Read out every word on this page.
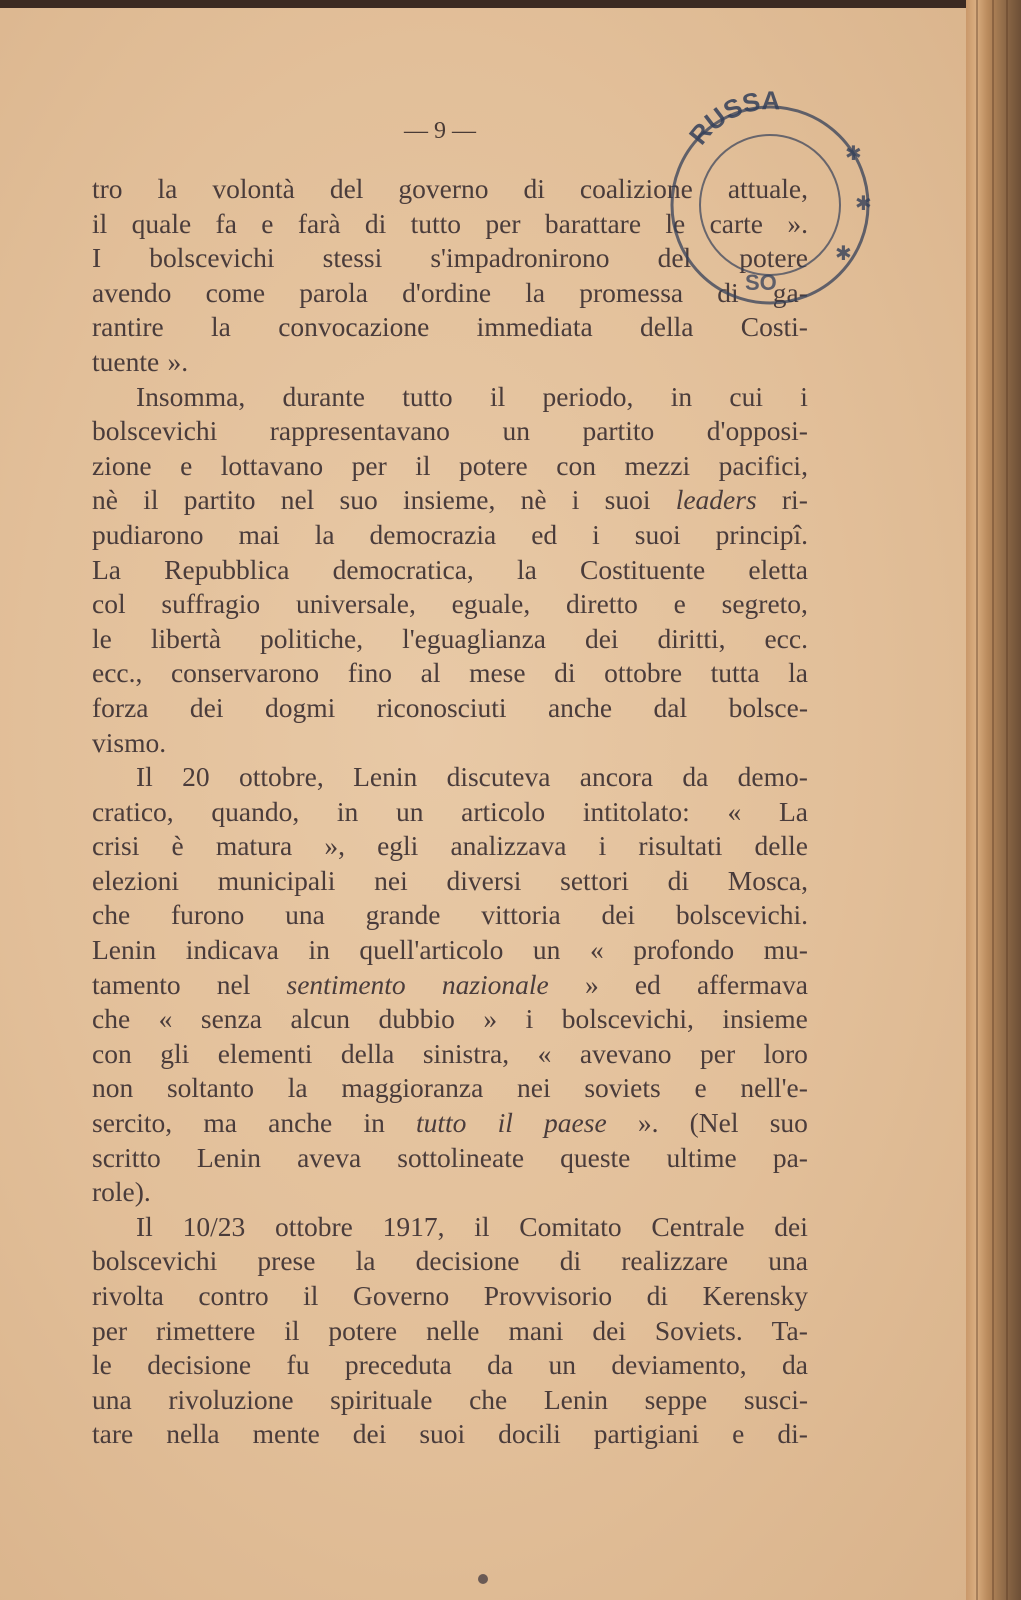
— 9 —
tro la volontà del governo di coalizione attuale,
il quale fa e farà di tutto per barattare le carte ».
I bolscevichi stessi s'impadronirono del potere
avendo come parola d'ordine la promessa di ga-
rantire la convocazione immediata della Costi-
tuente ».
Insomma, durante tutto il periodo, in cui i
bolscevichi rappresentavano un partito d'opposi-
zione e lottavano per il potere con mezzi pacifici,
nè il partito nel suo insieme, nè i suoi leaders ri-
pudiarono mai la democrazia ed i suoi principî.
La Repubblica democratica, la Costituente eletta
col suffragio universale, eguale, diretto e segreto,
le libertà politiche, l'eguaglianza dei diritti, ecc.
ecc., conservarono fino al mese di ottobre tutta la
forza dei dogmi riconosciuti anche dal bolsce-
vismo.
Il 20 ottobre, Lenin discuteva ancora da demo-
cratico, quando, in un articolo intitolato: « La
crisi è matura », egli analizzava i risultati delle
elezioni municipali nei diversi settori di Mosca,
che furono una grande vittoria dei bolscevichi.
Lenin indicava in quell'articolo un « profondo mu-
tamento nel sentimento nazionale » ed affermava
che « senza alcun dubbio » i bolscevichi, insieme
con gli elementi della sinistra, « avevano per loro
non soltanto la maggioranza nei soviets e nell'e-
sercito, ma anche in tutto il paese ». (Nel suo
scritto Lenin aveva sottolineate queste ultime pa-
role).
Il 10/23 ottobre 1917, il Comitato Centrale dei
bolscevichi prese la decisione di realizzare una
rivolta contro il Governo Provvisorio di Kerensky
per rimettere il potere nelle mani dei Soviets. Ta-
le decisione fu preceduta da un deviamento, da
una rivoluzione spirituale che Lenin seppe susci-
tare nella mente dei suoi docili partigiani e di-
RUSSA
SO
✱
✱
✱
